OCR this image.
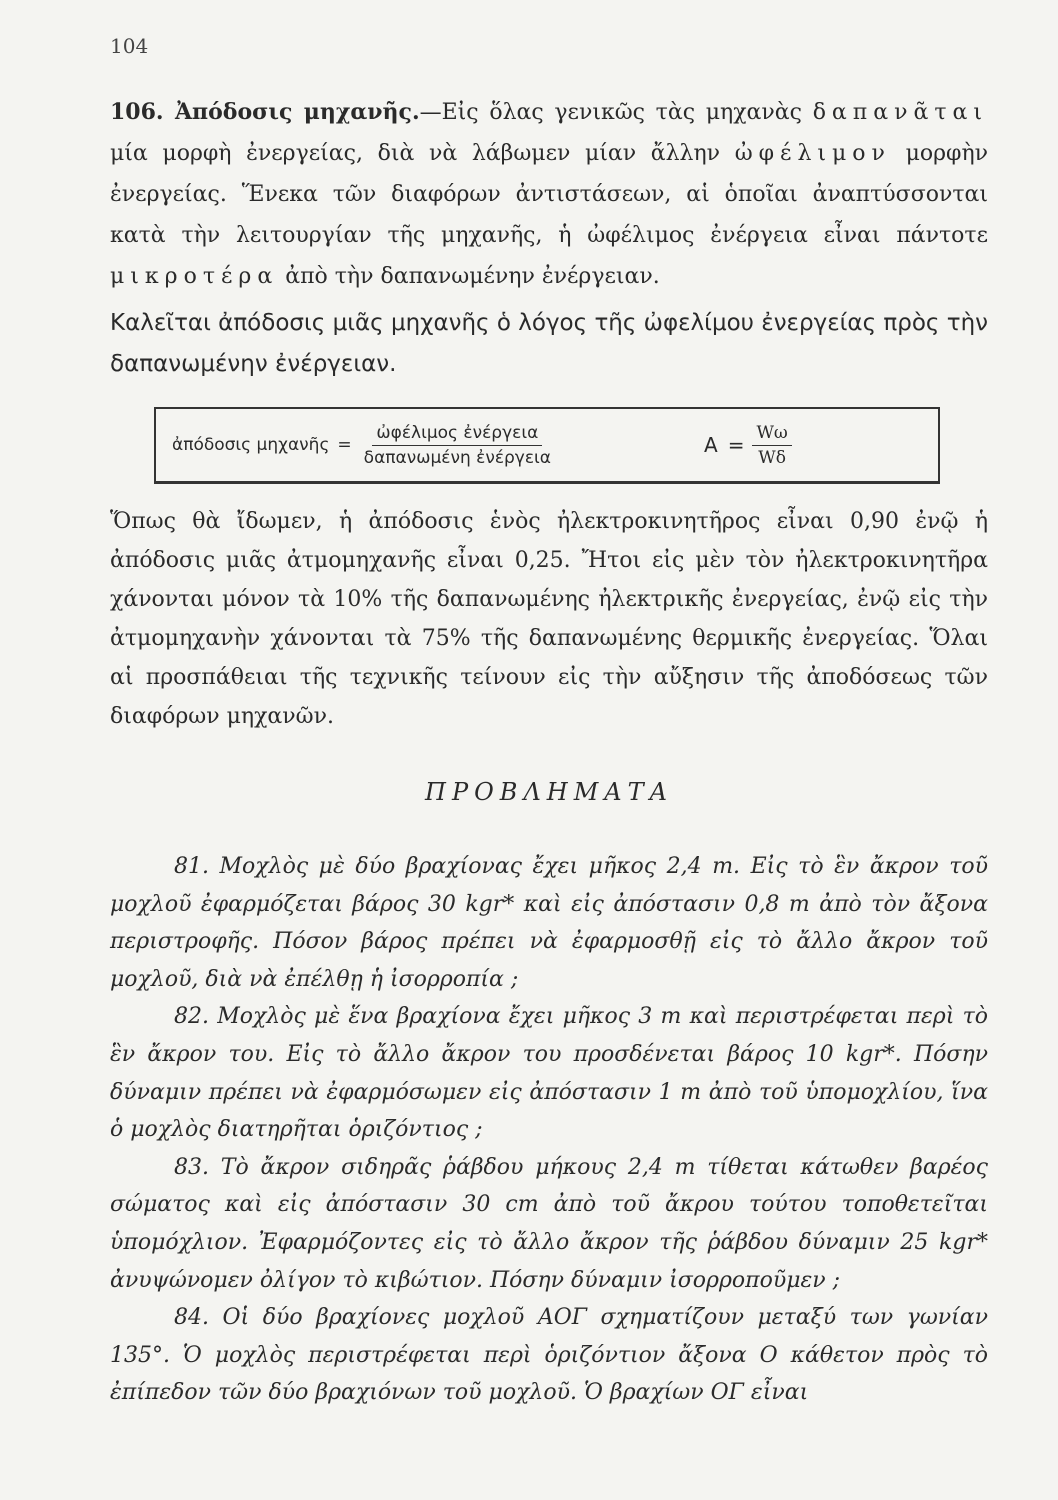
104

106. Ἀπόδοσις μηχανῆς.—Εἰς ὅλας γενικῶς τὰς μηχανὰς δαπανᾶται μία μορφὴ ἐνεργείας, διὰ νὰ λάβωμεν μίαν ἄλλην ὠφέλιμον μορφὴν ἐνεργείας. Ἕνεκα τῶν διαφόρων ἀντιστάσεων, αἱ ὁποῖαι ἀναπτύσσονται κατὰ τὴν λειτουργίαν τῆς μηχανῆς, ἡ ὠφέλιμος ἐνέργεια εἶναι πάντοτε μικροτέρα ἀπὸ τὴν δαπανωμένην ἐνέργειαν.

Καλεῖται ἀπόδοσις μιᾶς μηχανῆς ὁ λόγος τῆς ὠφελίμου ἐνεργείας πρὸς τὴν δαπανωμένην ἐνέργειαν.

ἀπόδοσις μηχανῆς = $\frac{\text{ὠφέλιμος ἐνέργεια}}{\text{δαπανωμένη ἐνέργεια}}$	$A = \frac{W\omega}{W\delta}$

Ὅπως θὰ ἴδωμεν, ἡ ἀπόδοσις ἑνὸς ἠλεκτροκινητῆρος εἶναι 0,90 ἐνῷ ἡ ἀπόδοσις μιᾶς ἀτμομηχανῆς εἶναι 0,25. Ἤτοι εἰς μὲν τὸν ἠλεκτροκινητῆρα χάνονται μόνον τὰ 10% τῆς δαπανωμένης ἠλεκτρικῆς ἐνεργείας, ἐνῷ εἰς τὴν ἀτμομηχανὴν χάνονται τὰ 75% τῆς δαπανωμένης θερμικῆς ἐνεργείας. Ὅλαι αἱ προσπάθειαι τῆς τεχνικῆς τείνουν εἰς τὴν αὔξησιν τῆς ἀποδόσεως τῶν διαφόρων μηχανῶν.

ΠΡΟΒΛΗΜΑΤΑ

81. Μοχλὸς μὲ δύο βραχίονας ἔχει μῆκος 2,4 m. Εἰς τὸ ἓν ἄκρον τοῦ μοχλοῦ ἐφαρμόζεται βάρος 30 kgr* καὶ εἰς ἀπόστασιν 0,8 m ἀπὸ τὸν ἄξονα περιστροφῆς. Πόσον βάρος πρέπει νὰ ἐφαρμοσθῇ εἰς τὸ ἄλλο ἄκρον τοῦ μοχλοῦ, διὰ νὰ ἐπέλθῃ ἡ ἰσορροπία ;

82. Μοχλὸς μὲ ἕνα βραχίονα ἔχει μῆκος 3 m καὶ περιστρέφεται περὶ τὸ ἓν ἄκρον του. Εἰς τὸ ἄλλο ἄκρον του προσδένεται βάρος 10 kgr*. Πόσην δύναμιν πρέπει νὰ ἐφαρμόσωμεν εἰς ἀπόστασιν 1 m ἀπὸ τοῦ ὑπομοχλίου, ἵνα ὁ μοχλὸς διατηρῆται ὁριζόντιος ;

83. Τὸ ἄκρον σιδηρᾶς ῥάβδου μήκους 2,4 m τίθεται κάτωθεν βαρέος σώματος καὶ εἰς ἀπόστασιν 30 cm ἀπὸ τοῦ ἄκρου τούτου τοποθετεῖται ὑπομόχλιον. Ἐφαρμόζοντες εἰς τὸ ἄλλο ἄκρον τῆς ῥάβδου δύναμιν 25 kgr* ἀνυψώνομεν ὀλίγον τὸ κιβώτιον. Πόσην δύναμιν ἰσορροποῦμεν ;

84. Οἱ δύο βραχίονες μοχλοῦ ΑΟΓ σχηματίζουν μεταξύ των γωνίαν 135°. Ὁ μοχλὸς περιστρέφεται περὶ ὁριζόντιον ἄξονα Ο κάθετον πρὸς τὸ ἐπίπεδον τῶν δύο βραχιόνων τοῦ μοχλοῦ. Ὁ βραχίων ΟΓ εἶναι
